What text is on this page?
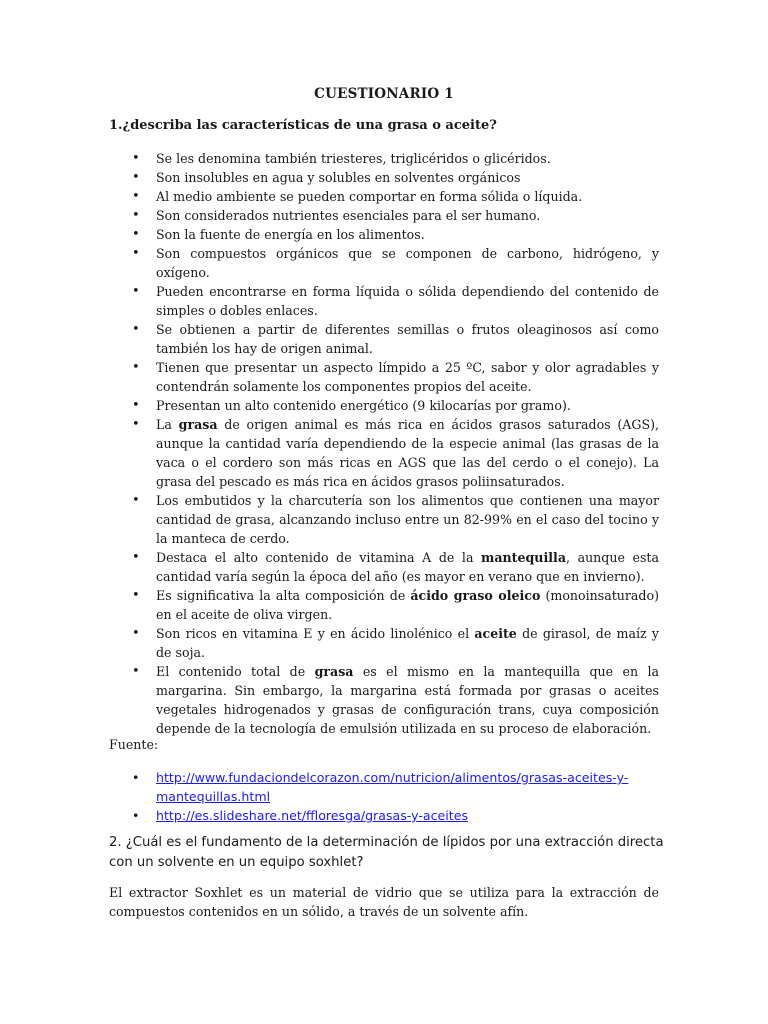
CUESTIONARIO 1
1.¿describa las características de una grasa o aceite?
• Se les denomina también triesteres, triglicéridos o glicéridos.
• Son insolubles en agua y solubles en solventes orgánicos
• Al medio ambiente se pueden comportar en forma sólida o líquida.
• Son considerados nutrientes esenciales para el ser humano.
• Son la fuente de energía en los alimentos.
• Son compuestos orgánicos que se componen de carbono, hidrógeno, y oxígeno.
• Pueden encontrarse en forma líquida o sólida dependiendo del contenido de simples o dobles enlaces.
• Se obtienen a partir de diferentes semillas o frutos oleaginosos así como también los hay de origen animal.
• Tienen que presentar un aspecto límpido a 25 ºC, sabor y olor agradables y contendrán solamente los componentes propios del aceite.
• Presentan un alto contenido energético (9 kilocarías por gramo).
• La grasa de origen animal es más rica en ácidos grasos saturados (AGS), aunque la cantidad varía dependiendo de la especie animal (las grasas de la vaca o el cordero son más ricas en AGS que las del cerdo o el conejo). La grasa del pescado es más rica en ácidos grasos poliinsaturados.
• Los embutidos y la charcutería son los alimentos que contienen una mayor cantidad de grasa, alcanzando incluso entre un 82-99% en el caso del tocino y la manteca de cerdo.
• Destaca el alto contenido de vitamina A de la mantequilla, aunque esta cantidad varía según la época del año (es mayor en verano que en invierno).
• Es significativa la alta composición de ácido graso oleico (monoinsaturado) en el aceite de oliva virgen.
• Son ricos en vitamina E y en ácido linolénico el aceite de girasol, de maíz y de soja.
• El contenido total de grasa es el mismo en la mantequilla que en la margarina. Sin embargo, la margarina está formada por grasas o aceites vegetales hidrogenados y grasas de configuración trans, cuya composición depende de la tecnología de emulsión utilizada en su proceso de elaboración.
Fuente:
• http://www.fundaciondelcorazon.com/nutricion/alimentos/grasas-aceites-y-mantequillas.html
• http://es.slideshare.net/ffloresga/grasas-y-aceites
2. ¿Cuál es el fundamento de la determinación de lípidos por una extracción directa con un solvente en un equipo soxhlet?
El extractor Soxhlet es un material de vidrio que se utiliza para la extracción de compuestos contenidos en un sólido, a través de un solvente afín.
